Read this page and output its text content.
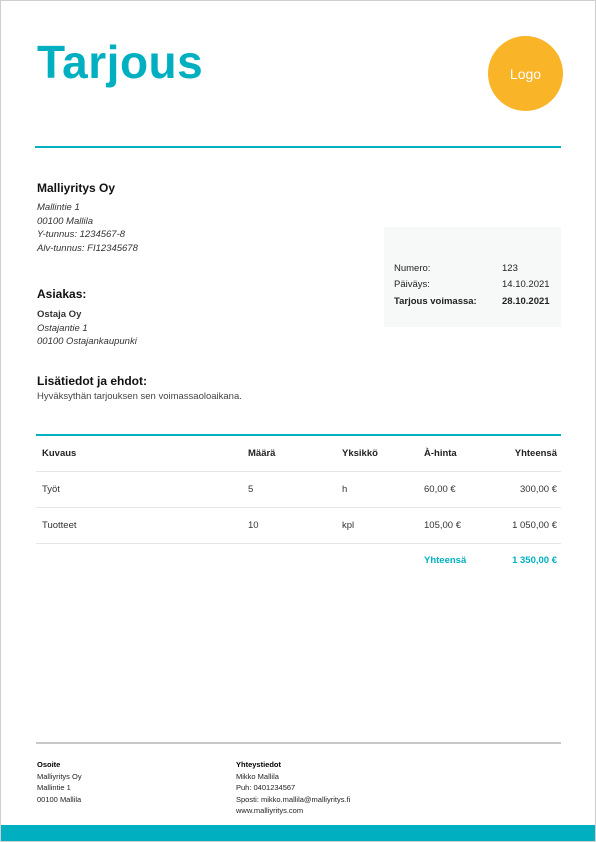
Tarjous	Logo
Malliyritys Oy
Mallintie 1
00100 Mallila
Y-tunnus: 1234567-8
Alv-tunnus: FI12345678
Asiakas:
Ostaja Oy
Ostajantie 1
00100 Ostajankaupunki
Numero:	123
Päiväys:	14.10.2021
Tarjous voimassa:	28.10.2021
Lisätiedot ja ehdot:
Hyväksythän tarjouksen sen voimassaoloaikana.
Kuvaus	Määrä	Yksikkö	À-hinta	Yhteensä
Työt	5	h	60,00 €	300,00 €
Tuotteet	10	kpl	105,00 €	1 050,00 €
Yhteensä	1 350,00 €
Osoite
Malliyritys Oy
Mallintie 1
00100 Mallila
Yhteystiedot
Mikko Mallila
Puh: 0401234567
Sposti: mikko.mallila@malliyritys.fi
www.malliyritys.com
